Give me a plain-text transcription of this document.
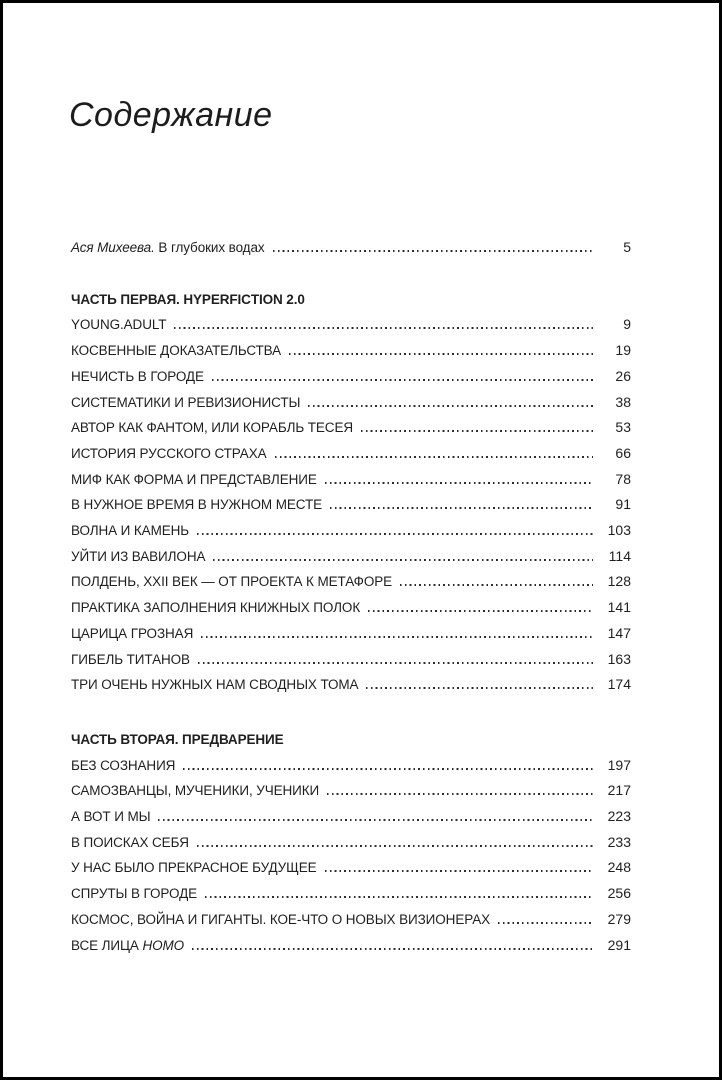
Содержание
Ася Михеева. В глубоких водах	5
ЧАСТЬ ПЕРВАЯ. HYPERFICTION 2.0
YOUNG.ADULT	9
КОСВЕННЫЕ ДОКАЗАТЕЛЬСТВА	19
НЕЧИСТЬ В ГОРОДЕ	26
СИСТЕМАТИКИ И РЕВИЗИОНИСТЫ	38
АВТОР КАК ФАНТОМ, ИЛИ КОРАБЛЬ ТЕСЕЯ	53
ИСТОРИЯ РУССКОГО СТРАХА	66
МИФ КАК ФОРМА И ПРЕДСТАВЛЕНИЕ	78
В НУЖНОЕ ВРЕМЯ В НУЖНОМ МЕСТЕ	91
ВОЛНА И КАМЕНЬ	103
УЙТИ ИЗ ВАВИЛОНА	114
ПОЛДЕНЬ, XXII ВЕК — ОТ ПРОЕКТА К МЕТАФОРЕ	128
ПРАКТИКА ЗАПОЛНЕНИЯ КНИЖНЫХ ПОЛОК	141
ЦАРИЦА ГРОЗНАЯ	147
ГИБЕЛЬ ТИТАНОВ	163
ТРИ ОЧЕНЬ НУЖНЫХ НАМ СВОДНЫХ ТОМА	174
ЧАСТЬ ВТОРАЯ. ПРЕДВАРЕНИЕ
БЕЗ СОЗНАНИЯ	197
САМОЗВАНЦЫ, МУЧЕНИКИ, УЧЕНИКИ	217
А ВОТ И МЫ	223
В ПОИСКАХ СЕБЯ	233
У НАС БЫЛО ПРЕКРАСНОЕ БУДУЩЕЕ	248
СПРУТЫ В ГОРОДЕ	256
КОСМОС, ВОЙНА И ГИГАНТЫ. КОЕ-ЧТО О НОВЫХ ВИЗИОНЕРАХ	279
ВСЕ ЛИЦА HOMO	291
